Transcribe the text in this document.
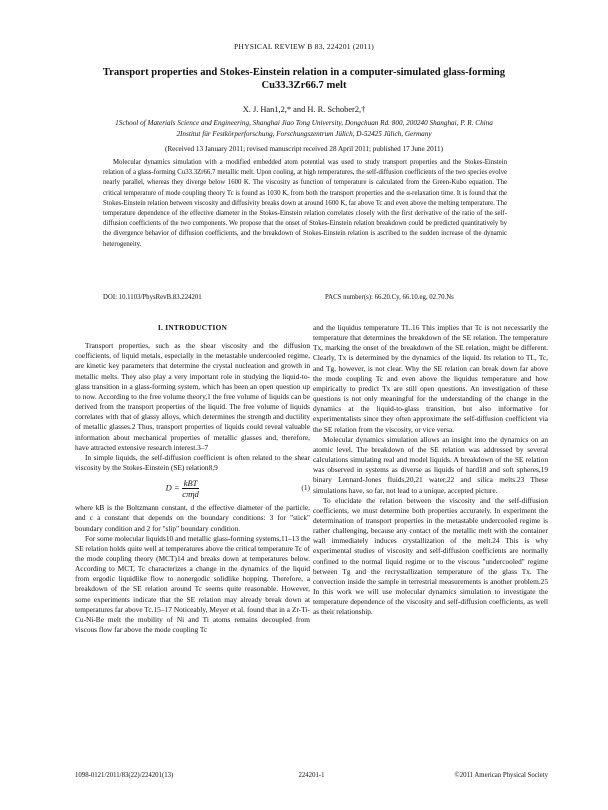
PHYSICAL REVIEW B 83, 224201 (2011)
Transport properties and Stokes-Einstein relation in a computer-simulated glass-forming
Cu33.3Zr66.7 melt
X. J. Han1,2,* and H. R. Schober2,†
1School of Materials Science and Engineering, Shanghai Jiao Tong University, Dongchuan Rd. 800, 200240 Shanghai, P. R. China
2Institut für Festkörperforschung, Forschungszentrum Jülich, D-52425 Jülich, Germany
(Received 13 January 2011; revised manuscript received 28 April 2011; published 17 June 2011)
Molecular dynamics simulation with a modified embedded atom potential was used to study transport properties and the Stokes-Einstein relation of a glass-forming Cu33.3Zr66.7 metallic melt. Upon cooling, at high temperatures, the self-diffusion coefficients of the two species evolve nearly parallel, whereas they diverge below 1600 K. The viscosity as function of temperature is calculated from the Green-Kubo equation. The critical temperature of mode coupling theory Tc is found as 1030 K, from both the transport properties and the α-relaxation time. It is found that the Stokes-Einstein relation between viscosity and diffusivity breaks down at around 1600 K, far above Tc and even above the melting temperature. The temperature dependence of the effective diameter in the Stokes-Einstein relation correlates closely with the first derivative of the ratio of the self-diffusion coefficients of the two components. We propose that the onset of Stokes-Einstein relation breakdown could be predicted quantitatively by the divergence behavior of diffusion coefficients, and the breakdown of Stokes-Einstein relation is ascribed to the sudden increase of the dynamic heterogeneity.
DOI: 10.1103/PhysRevB.83.224201	PACS number(s): 66.20.Cy, 66.10.eg, 02.70.Ns
I. INTRODUCTION

Transport properties, such as the shear viscosity and the diffusion coefficients, of liquid metals, especially in the metastable undercooled regime, are kinetic key parameters that determine the crystal nucleation and growth in metallic melts. They also play a very important role in studying the liquid-to-glass transition in a glass-forming system, which has been an open question up to now. According to the free volume theory,1 the free volume of liquids can be derived from the transport properties of the liquid. The free volume of liquids correlates with that of glassy alloys, which determines the strength and ductility of metallic glasses.2 Thus, transport properties of liquids could reveal valuable information about mechanical properties of metallic glasses and, therefore, have attracted extensive research interest.3–7

In simple liquids, the self-diffusion coefficient is often related to the shear viscosity by the Stokes-Einstein (SE) relation8,9

$D = \frac{\text{kBT}}{\text{cπηd}}$	(1)

where kB is the Boltzmann constant, d the effective diameter of the particle, and c a constant that depends on the boundary conditions: 3 for "stick" boundary condition and 2 for "slip" boundary condition.

For some molecular liquids10 and metallic glass-forming systems,11–13 the SE relation holds quite well at temperatures above the critical temperature Tc of the mode coupling theory (MCT)14 and breaks down at temperatures below. According to MCT, Tc characterizes a change in the dynamics of the liquid from ergodic liquidlike flow to nonergodic solidlike hopping. Therefore, a breakdown of the SE relation around Tc seems quite reasonable. However, some experiments indicate that the SE relation may already break down at temperatures far above Tc.15–17 Noticeably, Meyer et al. found that in a Zr-Ti-Cu-Ni-Be melt the mobility of Ni and Ti atoms remains decoupled from viscous flow far above the mode coupling Tc

and the liquidus temperature TL.16 This implies that Tc is not necessarily the temperature that determines the breakdown of the SE relation. The temperature Tx, marking the onset of the breakdown of the SE relation, might be different. Clearly, Tx is determined by the dynamics of the liquid. Its relation to TL, Tc, and Tg, however, is not clear. Why the SE relation can break down far above the mode coupling Tc and even above the liquidus temperature and how empirically to predict Tx are still open questions. An investigation of these questions is not only meaningful for the understanding of the change in the dynamics at the liquid-to-glass transition, but also informative for experimentalists since they often approximate the self-diffusion coefficient via the SE relation from the viscosity, or vice versa.

Molecular dynamics simulation allows an insight into the dynamics on an atomic level. The breakdown of the SE relation was addressed by several calculations simulating real and model liquids. A breakdown of the SE relation was observed in systems as diverse as liquids of hard18 and soft spheres,19 binary Lennard-Jones fluids,20,21 water,22 and silica melts.23 These simulations have, so far, not lead to a unique, accepted picture.

To elucidate the relation between the viscosity and the self-diffusion coefficients, we must determine both properties accurately. In experiment the determination of transport properties in the metastable undercooled regime is rather challenging, because any contact of the metallic melt with the container wall immediately induces crystallization of the melt.24 This is why experimental studies of viscosity and self-diffusion coefficients are normally confined to the normal liquid regime or to the viscous "undercooled" regime between Tg and the recrystallization temperature of the glass Tx. The convection inside the sample in terrestrial measurements is another problem.25 In this work we will use molecular dynamics simulation to investigate the temperature dependence of the viscosity and self-diffusion coefficients, as well as their relationship.

1098-0121/2011/83(22)/224201(13)	224201-1	©2011 American Physical Society
